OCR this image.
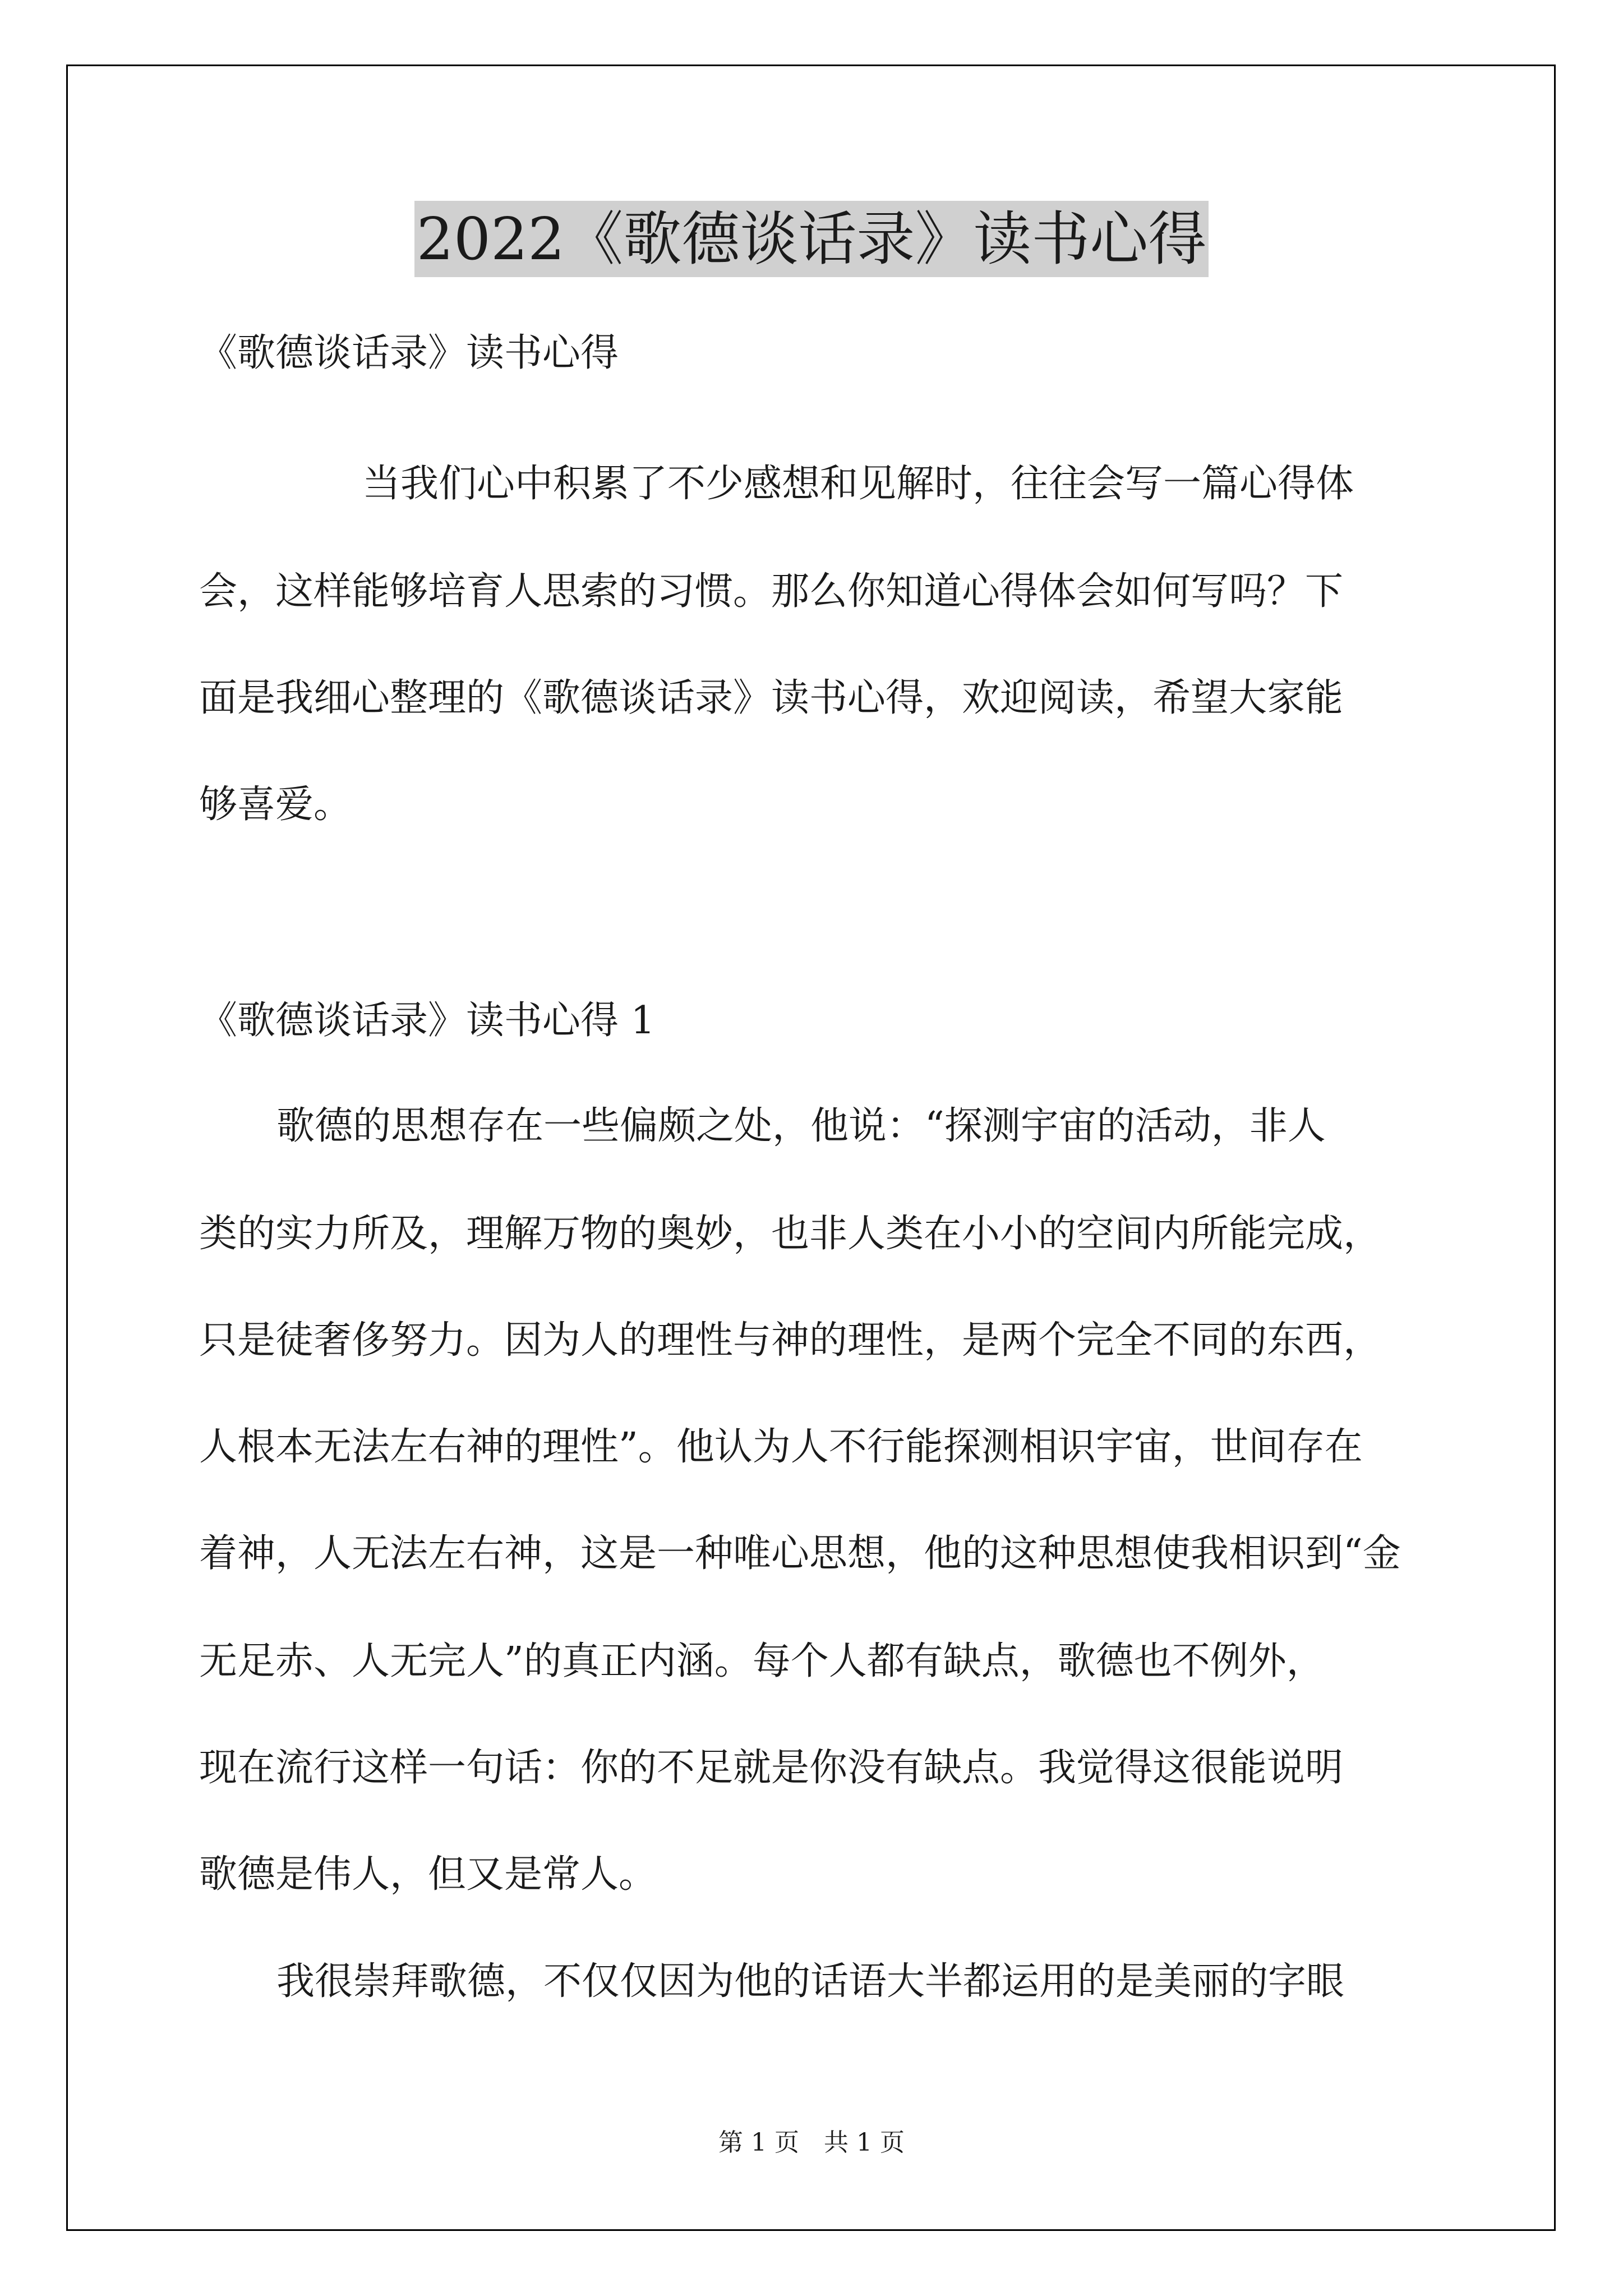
2022《歌德谈话录》读书心得
《歌德谈话录》读书心得
当我们心中积累了不少感想和见解时，往往会写一篇心得体
会，这样能够培育人思索的习惯。那么你知道心得体会如何写吗？下
面是我细心整理的《歌德谈话录》读书心得，欢迎阅读，希望大家能
够喜爱。
《歌德谈话录》读书心得 1
歌德的思想存在一些偏颇之处，他说：“探测宇宙的活动，非人
类的实力所及，理解万物的奥妙，也非人类在小小的空间内所能完成，
只是徒奢侈努力。因为人的理性与神的理性，是两个完全不同的东西，
人根本无法左右神的理性”。他认为人不行能探测相识宇宙，世间存在
着神，人无法左右神，这是一种唯心思想，他的这种思想使我相识到“金
无足赤、人无完人”的真正内涵。每个人都有缺点，歌德也不例外，
现在流行这样一句话：你的不足就是你没有缺点。我觉得这很能说明
歌德是伟人，但又是常人。
我很崇拜歌德，不仅仅因为他的话语大半都运用的是美丽的字眼
第 1 页　共 1 页
